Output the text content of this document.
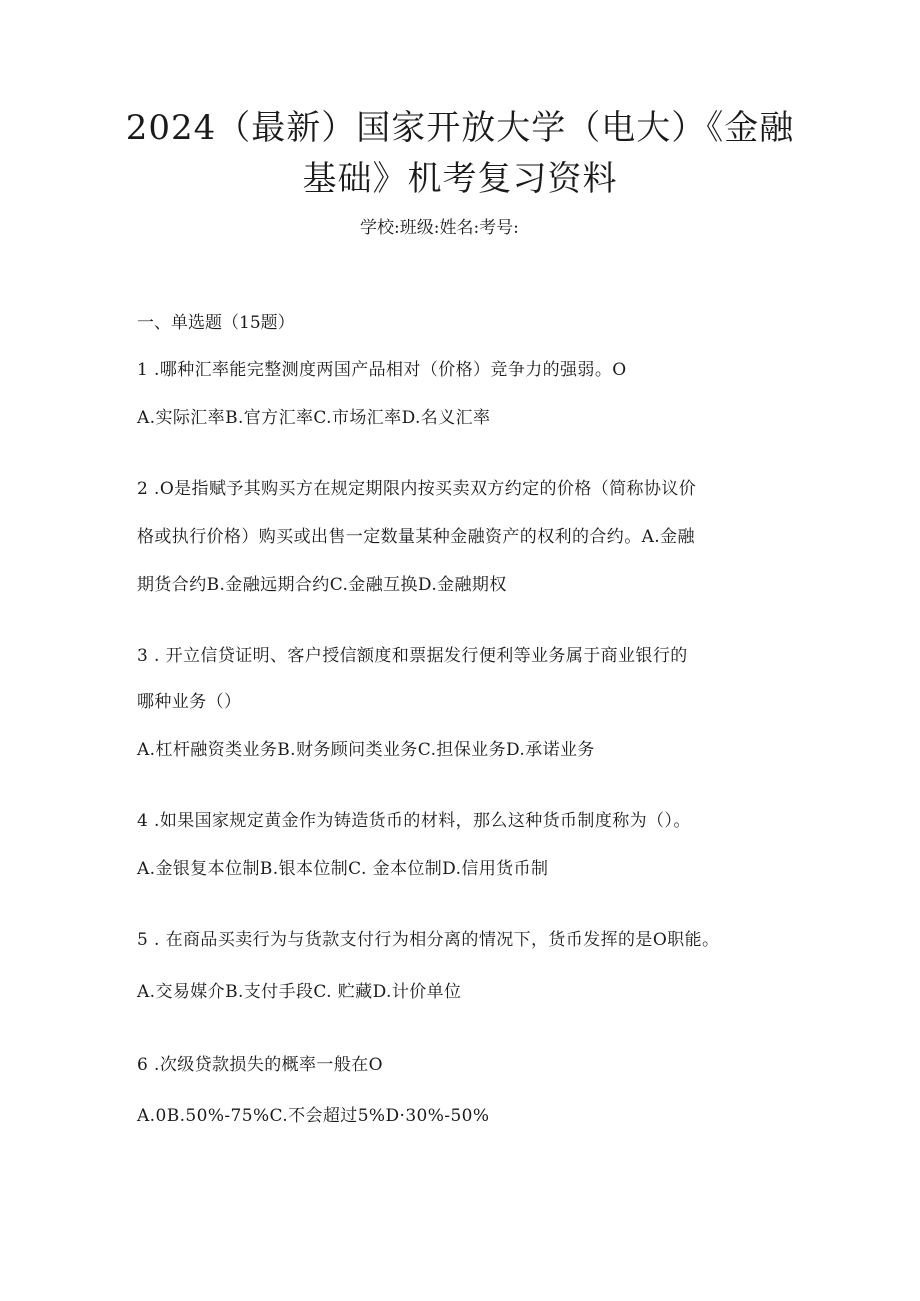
2024（最新）国家开放大学（电大）《金融
基础》机考复习资料
学校:班级:姓名:考号:
一、单选题（15题）
1 .哪种汇率能完整测度两国产品相对（价格）竞争力的强弱。O
A.实际汇率B.官方汇率C.市场汇率D.名义汇率
2 .O是指赋予其购买方在规定期限内按买卖双方约定的价格（简称协议价
格或执行价格）购买或出售一定数量某种金融资产的权利的合约。A.金融
期货合约B.金融远期合约C.金融互换D.金融期权
3 . 开立信贷证明、客户授信额度和票据发行便利等业务属于商业银行的
哪种业务（）
A.杠杆融资类业务B.财务顾问类业务C.担保业务D.承诺业务
4 .如果国家规定黄金作为铸造货币的材料，那么这种货币制度称为（）。
A.金银复本位制B.银本位制C. 金本位制D.信用货币制
5 . 在商品买卖行为与货款支付行为相分离的情况下，货币发挥的是O职能。
A.交易媒介B.支付手段C. 贮藏D.计价单位
6 .次级贷款损失的概率一般在O
A.0B.50%-75%C.不会超过5%D·30%-50%
